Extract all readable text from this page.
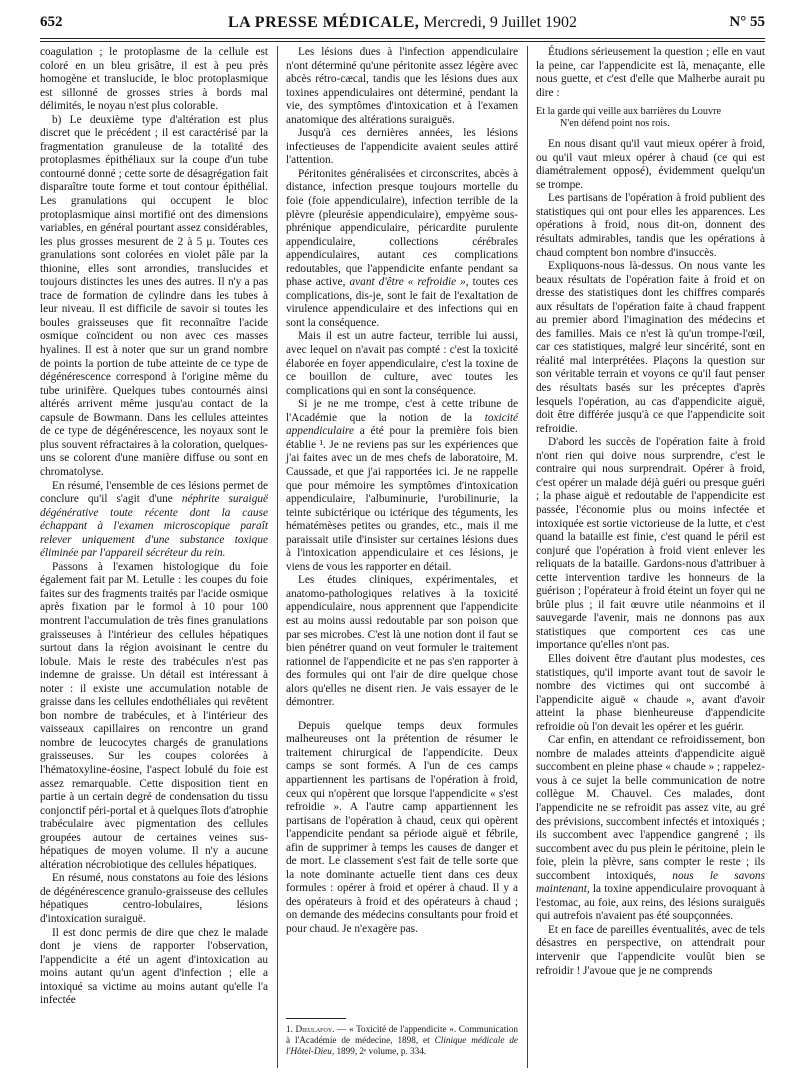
652	LA PRESSE MÉDICALE, Mercredi, 9 Juillet 1902	N° 55

coagulation ; le protoplasme de la cellule est coloré en un bleu grisâtre, il est à peu près homogène et translucide, le bloc protoplasmique est sillonné de grosses stries à bords mal délimités, le noyau n'est plus colorable.

b) Le deuxième type d'altération est plus discret que le précédent ; il est caractérisé par la fragmentation granuleuse de la totalité des protoplasmes épithéliaux sur la coupe d'un tube contourné donné ; cette sorte de désagrégation fait disparaître toute forme et tout contour épithélial. Les granulations qui occupent le bloc protoplasmique ainsi mortifié ont des dimensions variables, en général pourtant assez considérables, les plus grosses mesurent de 2 à 5 μ. Toutes ces granulations sont colorées en violet pâle par la thionine, elles sont arrondies, translucides et toujours distinctes les unes des autres. Il n'y a pas trace de formation de cylindre dans les tubes à leur niveau. Il est difficile de savoir si toutes les boules graisseuses que fit reconnaître l'acide osmique coïncident ou non avec ces masses hyalines. Il est à noter que sur un grand nombre de points la portion de tube atteinte de ce type de dégénérescence correspond à l'origine même du tube urinifère. Quelques tubes contournés ainsi altérés arrivent même jusqu'au contact de la capsule de Bowmann. Dans les cellules atteintes de ce type de dégénérescence, les noyaux sont le plus souvent réfractaires à la coloration, quelques-uns se colorent d'une manière diffuse ou sont en chromatolyse.

En résumé, l'ensemble de ces lésions permet de conclure qu'il s'agit d'une néphrite suraiguë dégénérative toute récente dont la cause échappant à l'examen microscopique paraît relever uniquement d'une substance toxique éliminée par l'appareil sécréteur du rein.

Passons à l'examen histologique du foie également fait par M. Letulle : les coupes du foie faites sur des fragments traités par l'acide osmique après fixation par le formol à 10 pour 100 montrent l'accumulation de très fines granulations graisseuses à l'intérieur des cellules hépatiques surtout dans la région avoisinant le centre du lobule. Mais le reste des trabécules n'est pas indemne de graisse. Un détail est intéressant à noter : il existe une accumulation notable de graisse dans les cellules endothéliales qui revêtent bon nombre de trabécules, et à l'intérieur des vaisseaux capillaires on rencontre un grand nombre de leucocytes chargés de granulations graisseuses. Sur les coupes colorées à l'hématoxyline-éosine, l'aspect lobulé du foie est assez remarquable. Cette disposition tient en partie à un certain degré de condensation du tissu conjonctif péri-portal et à quelques îlots d'atrophie trabéculaire avec pigmentation des cellules groupées autour de certaines veines sus-hépatiques de moyen volume. Il n'y a aucune altération nécrobiotique des cellules hépatiques.

En résumé, nous constatons au foie des lésions de dégénérescence granulo-graisseuse des cellules hépatiques centro-lobulaires, lésions d'intoxication suraiguë.

Il est donc permis de dire que chez le malade dont je viens de rapporter l'observation, l'appendicite a été un agent d'intoxication au moins autant qu'un agent d'infection ; elle a intoxiqué sa victime au moins autant qu'elle l'a infectée

Les lésions dues à l'infection appendiculaire n'ont déterminé qu'une péritonite assez légère avec abcès rétro-cæcal, tandis que les lésions dues aux toxines appendiculaires ont déterminé, pendant la vie, des symptômes d'intoxication et à l'examen anatomique des altérations suraiguës.

Jusqu'à ces dernières années, les lésions infectieuses de l'appendicite avaient seules attiré l'attention.

Péritonites généralisées et circonscrites, abcès à distance, infection presque toujours mortelle du foie (foie appendiculaire), infection terrible de la plèvre (pleurésie appendiculaire), empyème sous-phrénique appendiculaire, péricardite purulente appendiculaire, collections cérébrales appendiculaires, autant ces complications redoutables, que l'appendicite enfante pendant sa phase active, avant d'être « refroidie », toutes ces complications, dis-je, sont le fait de l'exaltation de virulence appendiculaire et des infections qui en sont la conséquence.

Mais il est un autre facteur, terrible lui aussi, avec lequel on n'avait pas compté : c'est la toxicité élaborée en foyer appendiculaire, c'est la toxine de ce bouillon de culture, avec toutes les complications qui en sont la conséquence.

Si je ne me trompe, c'est à cette tribune de l'Académie que la notion de la toxicité appendiculaire a été pour la première fois bien établie ¹. Je ne reviens pas sur les expériences que j'ai faites avec un de mes chefs de laboratoire, M. Caussade, et que j'ai rapportées ici. Je ne rappelle que pour mémoire les symptômes d'intoxication appendiculaire, l'albuminurie, l'urobilinurie, la teinte subictérique ou ictérique des téguments, les hématémèses petites ou grandes, etc., mais il me paraissait utile d'insister sur certaines lésions dues à l'intoxication appendiculaire et ces lésions, je viens de vous les rapporter en détail.

Les études cliniques, expérimentales, et anatomo-pathologiques relatives à la toxicité appendiculaire, nous apprennent que l'appendicite est au moins aussi redoutable par son poison que par ses microbes. C'est là une notion dont il faut se bien pénétrer quand on veut formuler le traitement rationnel de l'appendicite et ne pas s'en rapporter à des formules qui ont l'air de dire quelque chose alors qu'elles ne disent rien. Je vais essayer de le démontrer.

Depuis quelque temps deux formules malheureuses ont la prétention de résumer le traitement chirurgical de l'appendicite. Deux camps se sont formés. A l'un de ces camps appartiennent les partisans de l'opération à froid, ceux qui n'opèrent que lorsque l'appendicite « s'est refroidie ». A l'autre camp appartiennent les partisans de l'opération à chaud, ceux qui opèrent l'appendicite pendant sa période aiguë et fébrile, afin de supprimer à temps les causes de danger et de mort. Le classement s'est fait de telle sorte que la note dominante actuelle tient dans ces deux formules : opérer à froid et opérer à chaud. Il y a des opérateurs à froid et des opérateurs à chaud ; on demande des médecins consultants pour froid et pour chaud. Je n'exagère pas.

1. Dieulafoy. — « Toxicité de l'appendicite ». Communication à l'Académie de médecine, 1898, et Clinique médicale de l'Hôtel-Dieu, 1899, 2ᵉ volume, p. 334.

Étudions sérieusement la question ; elle en vaut la peine, car l'appendicite est là, menaçante, elle nous guette, et c'est d'elle que Malherbe aurait pu dire :

Et la garde qui veille aux barrières du Louvre
N'en défend point nos rois.

En nous disant qu'il vaut mieux opérer à froid, ou qu'il vaut mieux opérer à chaud (ce qui est diamétralement opposé), évidemment quelqu'un se trompe.

Les partisans de l'opération à froid publient des statistiques qui ont pour elles les apparences. Les opérations à froid, nous dit-on, donnent des résultats admirables, tandis que les opérations à chaud comptent bon nombre d'insuccès.

Expliquons-nous là-dessus. On nous vante les beaux résultats de l'opération faite à froid et on dresse des statistiques dont les chiffres comparés aux résultats de l'opération faite à chaud frappent au premier abord l'imagination des médecins et des familles. Mais ce n'est là qu'un trompe-l'œil, car ces statistiques, malgré leur sincérité, sont en réalité mal interprétées. Plaçons la question sur son véritable terrain et voyons ce qu'il faut penser des résultats basés sur les préceptes d'après lesquels l'opération, au cas d'appendicite aiguë, doit être différée jusqu'à ce que l'appendicite soit refroidie.

D'abord les succès de l'opération faite à froid n'ont rien qui doive nous surprendre, c'est le contraire qui nous surprendrait. Opérer à froid, c'est opérer un malade déjà guéri ou presque guéri ; la phase aiguë et redoutable de l'appendicite est passée, l'économie plus ou moins infectée et intoxiquée est sortie victorieuse de la lutte, et c'est quand la bataille est finie, c'est quand le péril est conjuré que l'opération à froid vient enlever les reliquats de la bataille. Gardons-nous d'attribuer à cette intervention tardive les honneurs de la guérison ; l'opérateur à froid éteint un foyer qui ne brûle plus ; il fait œuvre utile néanmoins et il sauvegarde l'avenir, mais ne donnons pas aux statistiques que comportent ces cas une importance qu'elles n'ont pas.

Elles doivent être d'autant plus modestes, ces statistiques, qu'il importe avant tout de savoir le nombre des victimes qui ont succombé à l'appendicite aiguë « chaude », avant d'avoir atteint la phase bienheureuse d'appendicite refroidie où l'on devait les opérer et les guérir.

Car enfin, en attendant ce refroidissement, bon nombre de malades atteints d'appendicite aiguë succombent en pleine phase « chaude » ; rappelez-vous à ce sujet la belle communication de notre collègue M. Chauvel. Ces malades, dont l'appendicite ne se refroidit pas assez vite, au gré des prévisions, succombent infectés et intoxiqués ; ils succombent avec l'appendice gangrené ; ils succombent avec du pus plein le péritoine, plein le foie, plein la plèvre, sans compter le reste ; ils succombent intoxiqués, nous le savons maintenant, la toxine appendiculaire provoquant à l'estomac, au foie, aux reins, des lésions suraiguës qui autrefois n'avaient pas été soupçonnées.

Et en face de pareilles éventualités, avec de tels désastres en perspective, on attendrait pour intervenir que l'appendicite voulût bien se refroidir ! J'avoue que je ne comprends
